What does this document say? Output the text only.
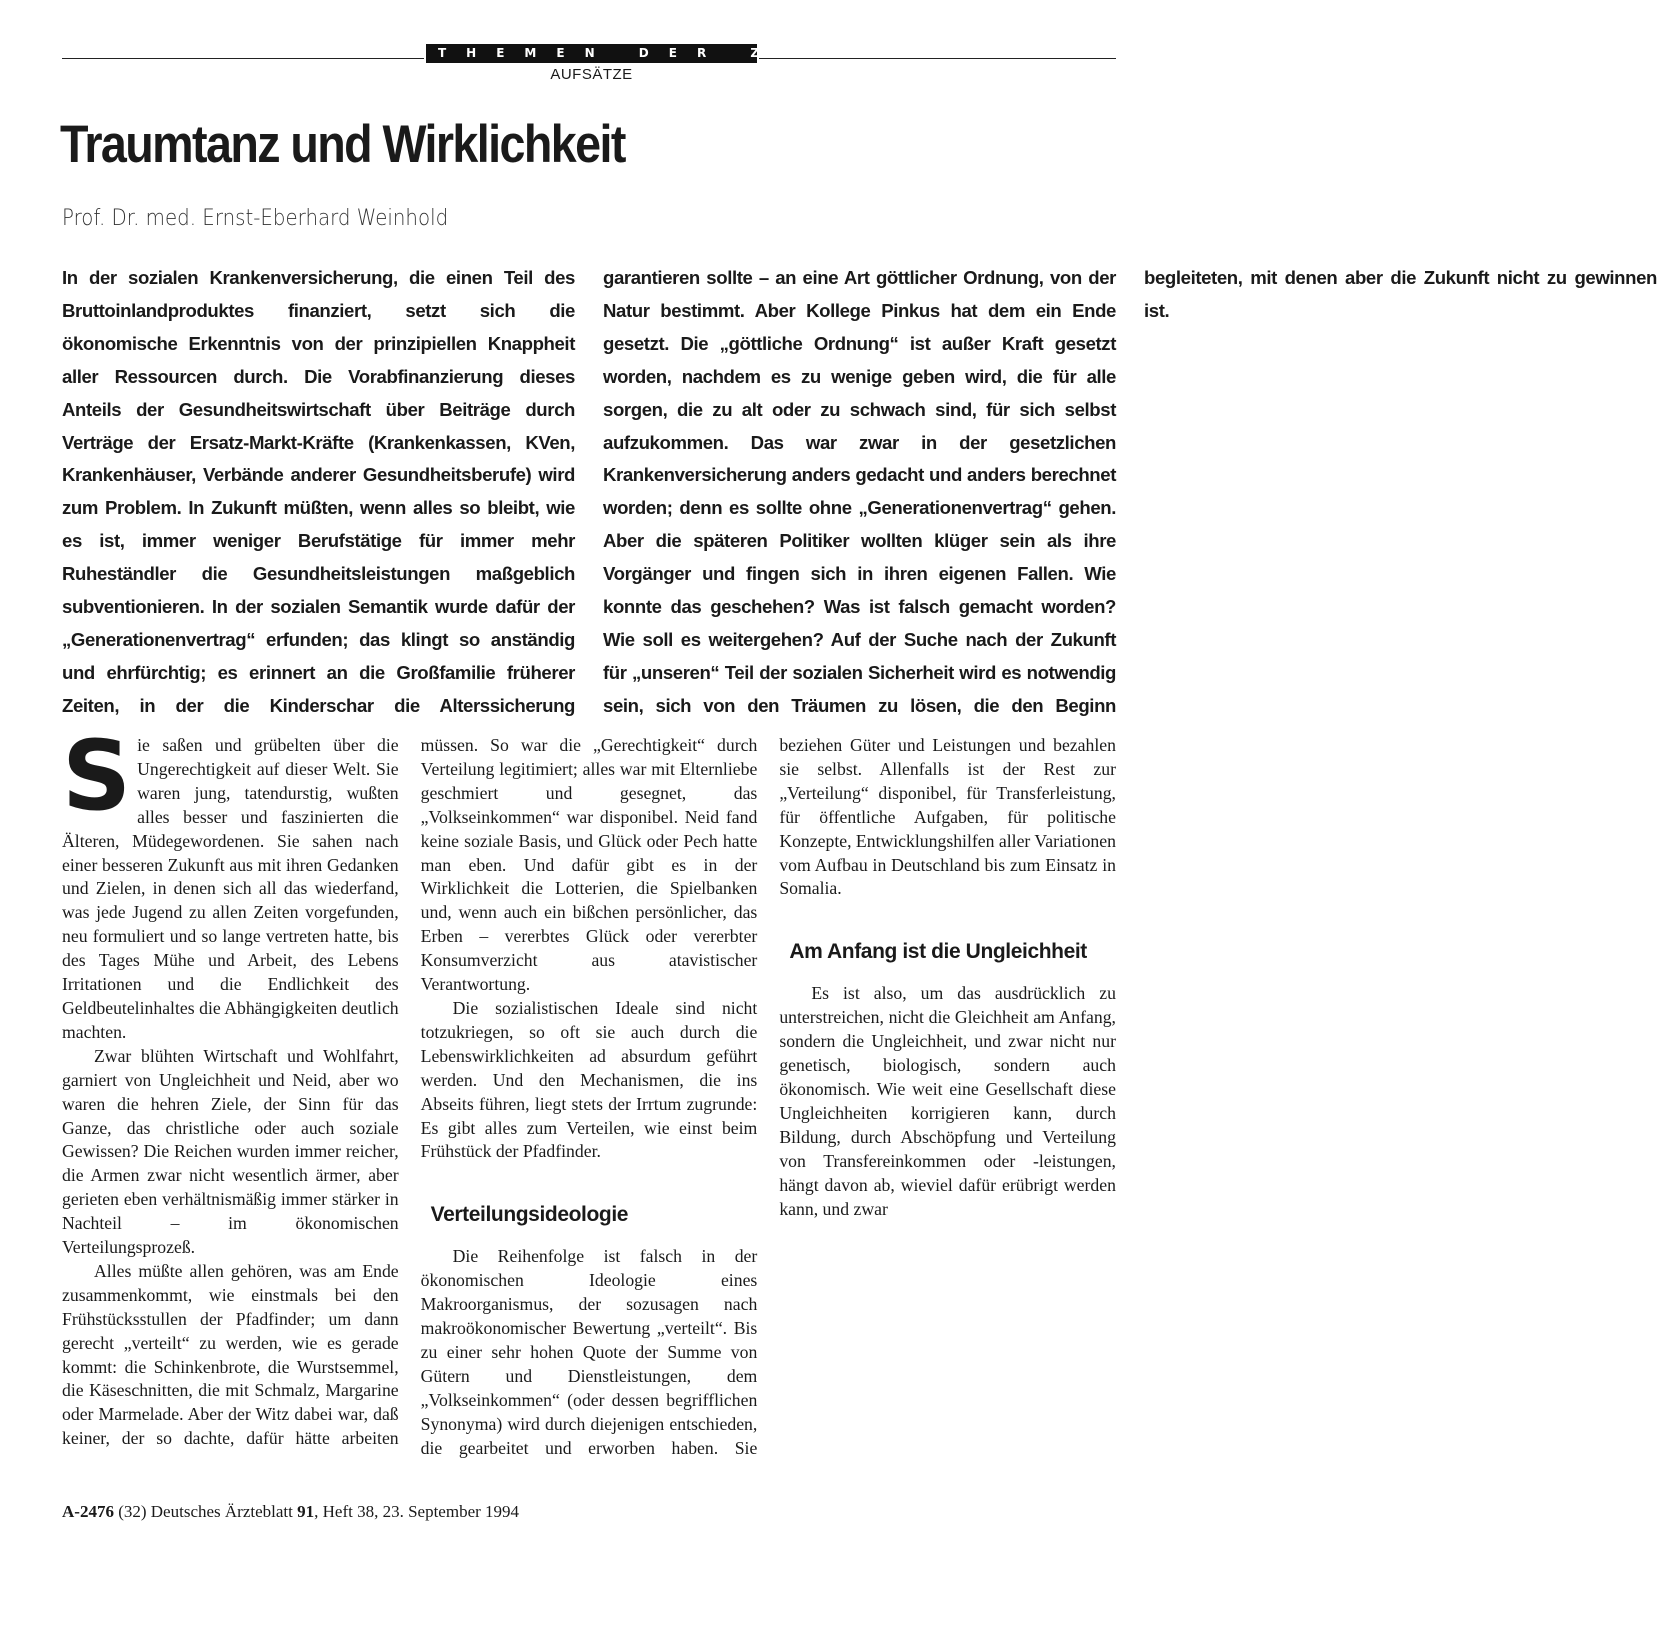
THEMEN DER ZEIT
AUFSÄTZE
Traumtanz und Wirklichkeit
Prof. Dr. med. Ernst-Eberhard Weinhold

In der sozialen Krankenversicherung, die einen Teil des Bruttoinlandproduktes finanziert, setzt sich die ökonomische Erkenntnis von der prinzipiellen Knappheit aller Ressourcen durch. Die Vorabfinanzierung dieses Anteils der Gesundheitswirtschaft über Beiträge durch Verträge der Ersatz-Markt-Kräfte (Krankenkassen, KVen, Krankenhäuser, Verbände anderer Gesundheitsberufe) wird zum Problem. In Zukunft müßten, wenn alles so bleibt, wie es ist, immer weniger Berufstätige für immer mehr Ruheständler die Gesundheitsleistungen maßgeblich subventionieren. In der sozialen Semantik wurde dafür der „Generationenvertrag“ erfunden; das klingt so anständig und ehrfürchtig; es erinnert an die Großfamilie früherer Zeiten, in der die Kinderschar die Alterssicherung garantieren sollte – an eine Art göttlicher Ordnung, von der Natur bestimmt. Aber Kollege Pinkus hat dem ein Ende gesetzt. Die „göttliche Ordnung“ ist außer Kraft gesetzt worden, nachdem es zu wenige geben wird, die für alle sorgen, die zu alt oder zu schwach sind, für sich selbst aufzukommen. Das war zwar in der gesetzlichen Krankenversicherung anders gedacht und anders berechnet worden; denn es sollte ohne „Generationenvertrag“ gehen. Aber die späteren Politiker wollten klüger sein als ihre Vorgänger und fingen sich in ihren eigenen Fallen. Wie konnte das geschehen? Was ist falsch gemacht worden? Wie soll es weitergehen? Auf der Suche nach der Zukunft für „unseren“ Teil der sozialen Sicherheit wird es notwendig sein, sich von den Träumen zu lösen, die den Beginn begleiteten, mit denen aber die Zukunft nicht zu gewinnen ist.

Sie saßen und grübelten über die Ungerechtigkeit auf dieser Welt. Sie waren jung, tatendurstig, wußten alles besser und faszinierten die Älteren, Müdegewordenen. Sie sahen nach einer besseren Zukunft aus mit ihren Gedanken und Zielen, in denen sich all das wiederfand, was jede Jugend zu allen Zeiten vorgefunden, neu formuliert und so lange vertreten hatte, bis des Tages Mühe und Arbeit, des Lebens Irritationen und die Endlichkeit des Geldbeutelinhaltes die Abhängigkeiten deutlich machten.

Zwar blühten Wirtschaft und Wohlfahrt, garniert von Ungleichheit und Neid, aber wo waren die hehren Ziele, der Sinn für das Ganze, das christliche oder auch soziale Gewissen? Die Reichen wurden immer reicher, die Armen zwar nicht wesentlich ärmer, aber gerieten eben verhältnismäßig immer stärker in Nachteil – im ökonomischen Verteilungsprozeß.

Alles müßte allen gehören, was am Ende zusammenkommt, wie einstmals bei den Frühstücksstullen der Pfadfinder; um dann gerecht „verteilt“ zu werden, wie es gerade kommt: die Schinkenbrote, die Wurstsemmel, die Käseschnitten, die mit Schmalz, Margarine oder Marmelade. Aber der Witz dabei war, daß keiner, der so dachte, dafür hätte arbeiten müssen. So war die „Gerechtigkeit“ durch Verteilung legitimiert; alles war mit Elternliebe geschmiert und gesegnet, das „Volkseinkommen“ war disponibel. Neid fand keine soziale Basis, und Glück oder Pech hatte man eben. Und dafür gibt es in der Wirklichkeit die Lotterien, die Spielbanken und, wenn auch ein bißchen persönlicher, das Erben – vererbtes Glück oder vererbter Konsumverzicht aus atavistischer Verantwortung.

Die sozialistischen Ideale sind nicht totzukriegen, so oft sie auch durch die Lebenswirklichkeiten ad absurdum geführt werden. Und den Mechanismen, die ins Abseits führen, liegt stets der Irrtum zugrunde: Es gibt alles zum Verteilen, wie einst beim Frühstück der Pfadfinder.

Verteilungsideologie

Die Reihenfolge ist falsch in der ökonomischen Ideologie eines Makroorganismus, der sozusagen nach makroökonomischer Bewertung „verteilt“. Bis zu einer sehr hohen Quote der Summe von Gütern und Dienstleistungen, dem „Volkseinkommen“ (oder dessen begrifflichen Synonyma) wird durch diejenigen entschieden, die gearbeitet und erworben haben. Sie beziehen Güter und Leistungen und bezahlen sie selbst. Allenfalls ist der Rest zur „Verteilung“ disponibel, für Transferleistung, für öffentliche Aufgaben, für politische Konzepte, Entwicklungshilfen aller Variationen vom Aufbau in Deutschland bis zum Einsatz in Somalia.

Am Anfang ist die Ungleichheit

Es ist also, um das ausdrücklich zu unterstreichen, nicht die Gleichheit am Anfang, sondern die Ungleichheit, und zwar nicht nur genetisch, biologisch, sondern auch ökonomisch. Wie weit eine Gesellschaft diese Ungleichheiten korrigieren kann, durch Bildung, durch Abschöpfung und Verteilung von Transfereinkommen oder -leistungen, hängt davon ab, wieviel dafür erübrigt werden kann, und zwar

A-2476 (32) Deutsches Ärzteblatt 91, Heft 38, 23. September 1994
